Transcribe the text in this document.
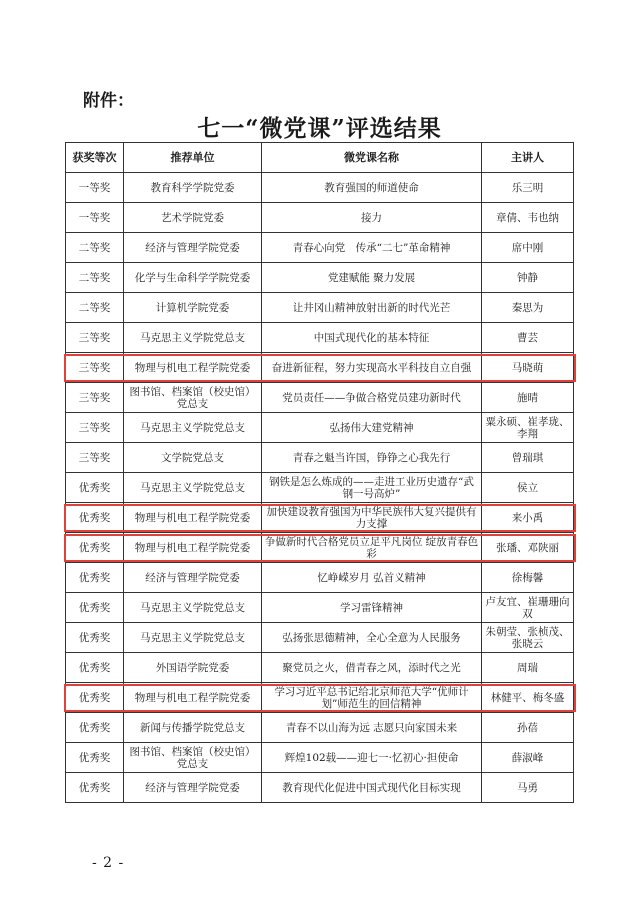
附件：
七一“微党课”评选结果
获奖等次	推荐单位	微党课名称	主讲人
一等奖	教育科学学院党委	教育强国的师道使命	乐三明
一等奖	艺术学院党委	接力	章倩、韦也纳
二等奖	经济与管理学院党委	青春心向党　传承“二七”革命精神	席中刚
二等奖	化学与生命科学学院党委	党建赋能 聚力发展	钟静
二等奖	计算机学院党委	让井冈山精神放射出新的时代光芒	秦思为
三等奖	马克思主义学院党总支	中国式现代化的基本特征	曹芸
三等奖	物理与机电工程学院党委	奋进新征程，努力实现高水平科技自立自强	马晓萌
三等奖	图书馆、档案馆（校史馆）党总支	党员责任——争做合格党员建功新时代	施晴
三等奖	马克思主义学院党总支	弘扬伟大建党精神	粟永硕、崔孝珑、李翔
三等奖	文学院党总支	青春之魁当许国，铮铮之心我先行	曾瑞琪
优秀奖	马克思主义学院党总支	钢铁是怎么炼成的——走进工业历史遗存“武钢一号高炉”	侯立
优秀奖	物理与机电工程学院党委	加快建设教育强国为中华民族伟大复兴提供有力支撑	来小禹
优秀奖	物理与机电工程学院党委	争做新时代合格党员立足平凡岗位 绽放青春色彩	张璠、邓陕丽
优秀奖	经济与管理学院党委	忆峥嵘岁月 弘首义精神	徐梅馨
优秀奖	马克思主义学院党总支	学习雷锋精神	卢友宜、崔珊珊向双
优秀奖	马克思主义学院党总支	弘扬张思德精神，全心全意为人民服务	朱朝莹、张桢茂、张晓云
优秀奖	外国语学院党委	聚党员之火，借青春之风，添时代之光	周瑞
优秀奖	物理与机电工程学院党委	学习习近平总书记给北京师范大学“优师计划”师范生的回信精神	林健平、梅冬盛
优秀奖	新闻与传播学院党总支	青春不以山海为远 志愿只向家国未来	孙蓓
优秀奖	图书馆、档案馆（校史馆）党总支	辉煌102载——迎七一·忆初心·担使命	薛淑峰
优秀奖	经济与管理学院党委	教育现代化促进中国式现代化目标实现	马勇
- 2 -
